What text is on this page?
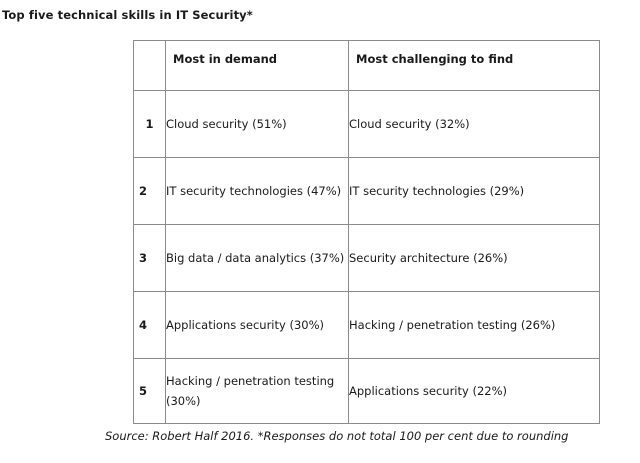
Top five technical skills in IT Security*
	Most in demand	Most challenging to find
1	Cloud security (51%)	Cloud security (32%)
2	IT security technologies (47%)	IT security technologies (29%)
3	Big data / data analytics (37%)	Security architecture (26%)
4	Applications security (30%)	Hacking / penetration testing (26%)
5	Hacking / penetration testing (30%)	Applications security (22%)
Source: Robert Half 2016. *Responses do not total 100 per cent due to rounding
